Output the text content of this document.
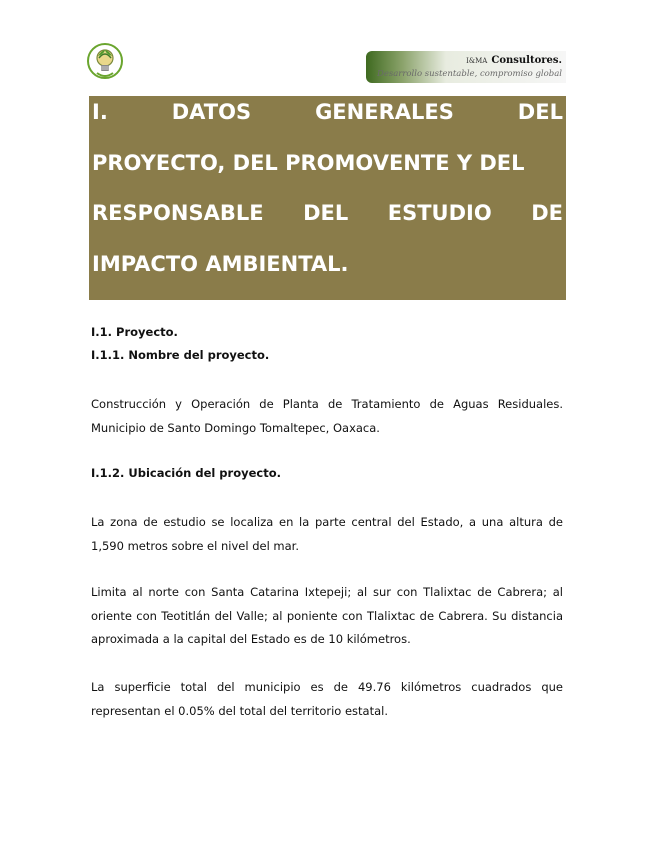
I&MA Consultores.
Desarrollo sustentable, compromiso global
I.	DATOS	GENERALES	DEL
PROYECTO, DEL PROMOVENTE Y DEL
RESPONSABLE DEL ESTUDIO DE
IMPACTO AMBIENTAL.
I.1. Proyecto.
I.1.1. Nombre del proyecto.
Construcción y Operación de Planta de Tratamiento de Aguas Residuales. Municipio de Santo Domingo Tomaltepec, Oaxaca.
I.1.2. Ubicación del proyecto.
La zona de estudio se localiza en la parte central del Estado, a una altura de 1,590 metros sobre el nivel del mar.
Limita al norte con Santa Catarina Ixtepeji; al sur con Tlalixtac de Cabrera; al oriente con Teotitlán del Valle; al poniente con Tlalixtac de Cabrera. Su distancia aproximada a la capital del Estado es de 10 kilómetros.
La superficie total del municipio es de 49.76 kilómetros cuadrados que representan el 0.05% del total del territorio estatal.
